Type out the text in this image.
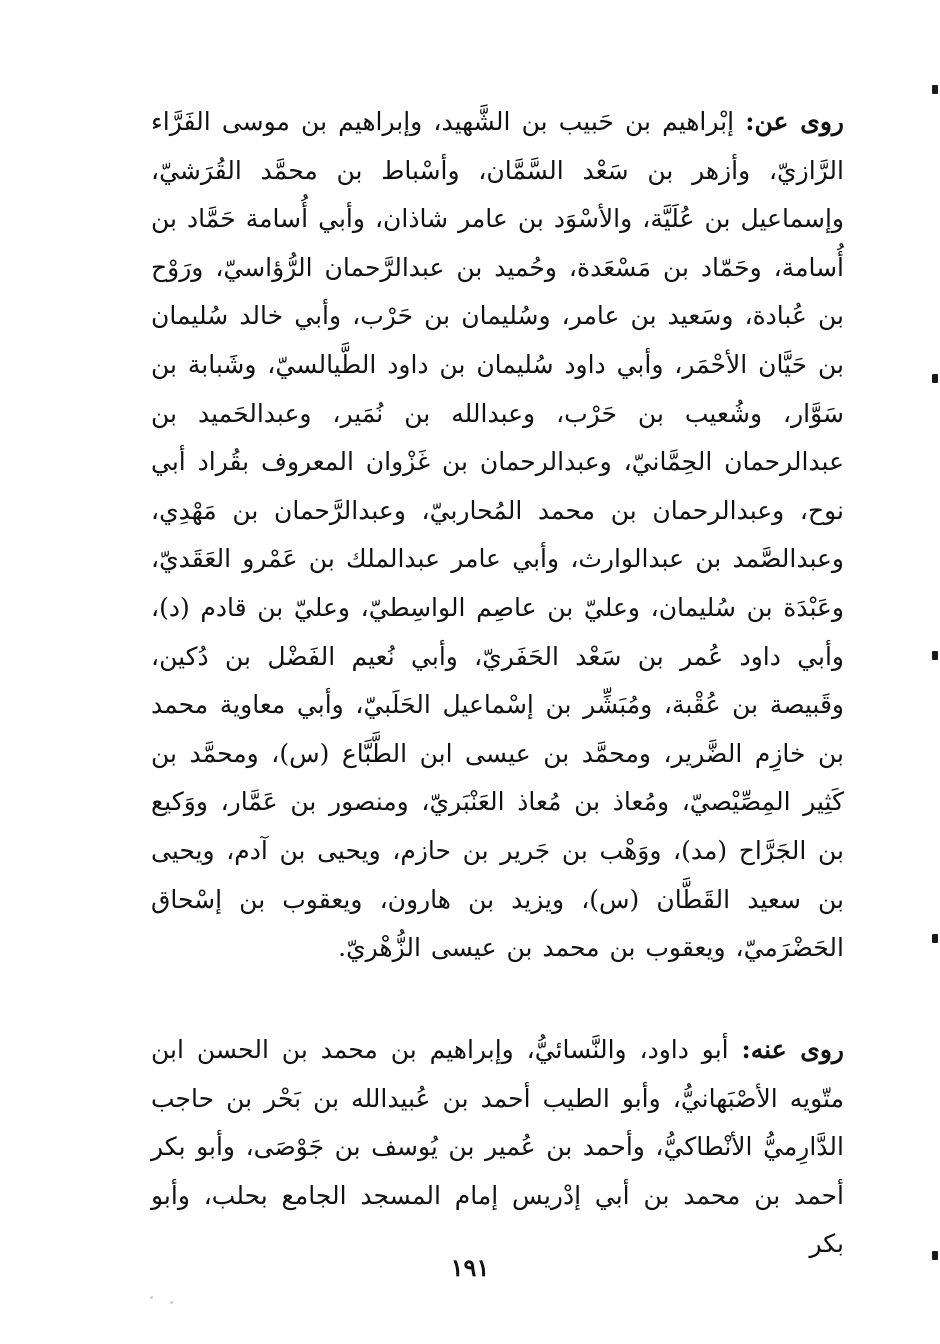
روى عن: إبْراهيم بن حَبيب بن الشَّهيد، وإبراهيم بن موسى الفَرَّاء الرَّازيّ، وأزهر بن سَعْد السَّمَّان، وأسْباط بن محمَّد القُرَشيّ، وإسماعيل بن عُلَيَّة، والأسْوَد بن عامر شاذان، وأبي أُسامة حَمَّاد بن أُسامة، وحَمّاد بن مَسْعَدة، وحُميد بن عبدالرَّحمان الرُّؤاسيّ، ورَوْح بن عُبادة، وسَعيد بن عامر، وسُليمان بن حَرْب، وأبي خالد سُليمان بن حَيَّان الأحْمَر، وأبي داود سُليمان بن داود الطَّيالسيّ، وشَبابة بن سَوَّار، وشُعيب بن حَرْب، وعبدالله بن نُمَير، وعبدالحَميد بن عبدالرحمان الحِمَّانيّ، وعبدالرحمان بن غَزْوان المعروف بقُراد أبي نوح، وعبدالرحمان بن محمد المُحاربيّ، وعبدالرَّحمان بن مَهْدِي، وعبدالصَّمد بن عبدالوارث، وأبي عامر عبدالملك بن عَمْرو العَقَديّ، وعَبْدَة بن سُليمان، وعليّ بن عاصِم الواسِطيّ، وعليّ بن قادم (د)، وأبي داود عُمر بن سَعْد الحَفَريّ، وأبي نُعيم الفَضْل بن دُكين، وقَبيصة بن عُقْبة، ومُبَشِّر بن إسْماعيل الحَلَبيّ، وأبي معاوية محمد بن خازِم الضَّرير، ومحمَّد بن عيسى ابن الطَّبَّاع (س)، ومحمَّد بن كَثِير المِصِّيْصيّ، ومُعاذ بن مُعاذ العَنْبَريّ، ومنصور بن عَمَّار، ووَكيع بن الجَرَّاح (مد)، ووَهْب بن جَرير بن حازم، ويحيى بن آدم، ويحيى بن سعيد القَطَّان (س)، ويزيد بن هارون، ويعقوب بن إسْحاق الحَضْرَميّ، ويعقوب بن محمد بن عيسى الزُّهْريّ.

روى عنه: أبو داود، والنَّسائيُّ، وإبراهيم بن محمد بن الحسن ابن متّويه الأصْبَهانيُّ، وأبو الطيب أحمد بن عُبيدالله بن بَحْر بن حاجب الدَّارِميُّ الأنْطاكيُّ، وأحمد بن عُمير بن يُوسف بن جَوْصَى، وأبو بكر أحمد بن محمد بن أبي إدْريس إمام المسجد الجامع بحلب، وأبو بكر

١٩١
